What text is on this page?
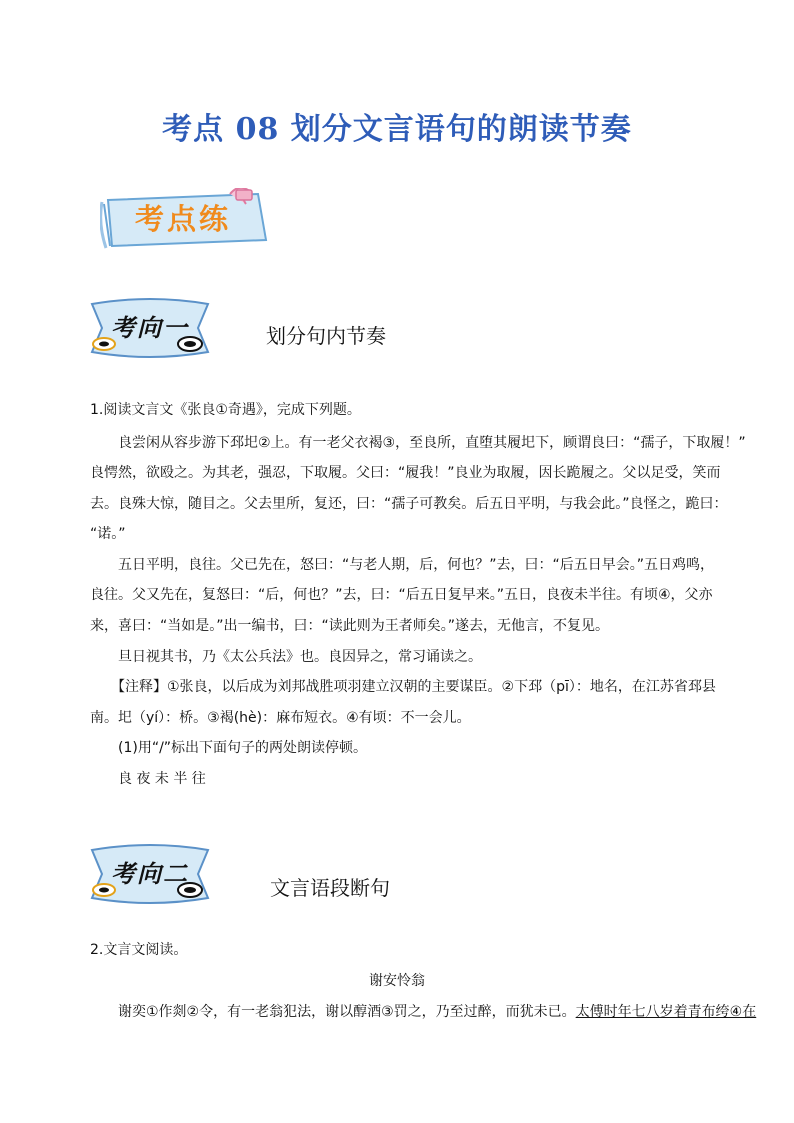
考点 08 划分文言语句的朗读节奏
考点练
考向一	划分句内节奏
1.阅读文言文《张良①奇遇》，完成下列题。
　　良尝闲从容步游下邳圯②上。有一老父衣褐③，至良所，直堕其履圯下，顾谓良曰：“孺子，下取履！”
良愕然，欲殴之。为其老，强忍，下取履。父曰：“履我！”良业为取履，因长跪履之。父以足受，笑而
去。良殊大惊，随目之。父去里所，复还，曰：“孺子可教矣。后五日平明，与我会此。”良怪之，跪曰：
“诺。”
　　五日平明，良往。父已先在，怒曰：“与老人期，后，何也？”去，曰：“后五日早会。”五日鸡鸣，
良往。父又先在，复怒曰：“后，何也？”去，曰：“后五日复早来。”五日，良夜未半往。有顷④，父亦
来，喜曰：“当如是。”出一编书，曰：“读此则为王者师矣。”遂去，无他言，不复见。
　　旦日视其书，乃《太公兵法》也。良因异之，常习诵读之。
　　【注释】①张良，以后成为刘邦战胜项羽建立汉朝的主要谋臣。②下邳（pī）：地名，在江苏省邳县
南。圯（yí）：桥。③褐(hè)：麻布短衣。④有顷：不一会儿。
　　(1)用“/”标出下面句子的两处朗读停顿。
　　良 夜 未 半 往
考向二	文言语段断句
2.文言文阅读。
谢安怜翁
　　谢奕①作剡②令，有一老翁犯法，谢以醇酒③罚之，乃至过醉，而犹未已。太傅时年七八岁着青布绔④在
